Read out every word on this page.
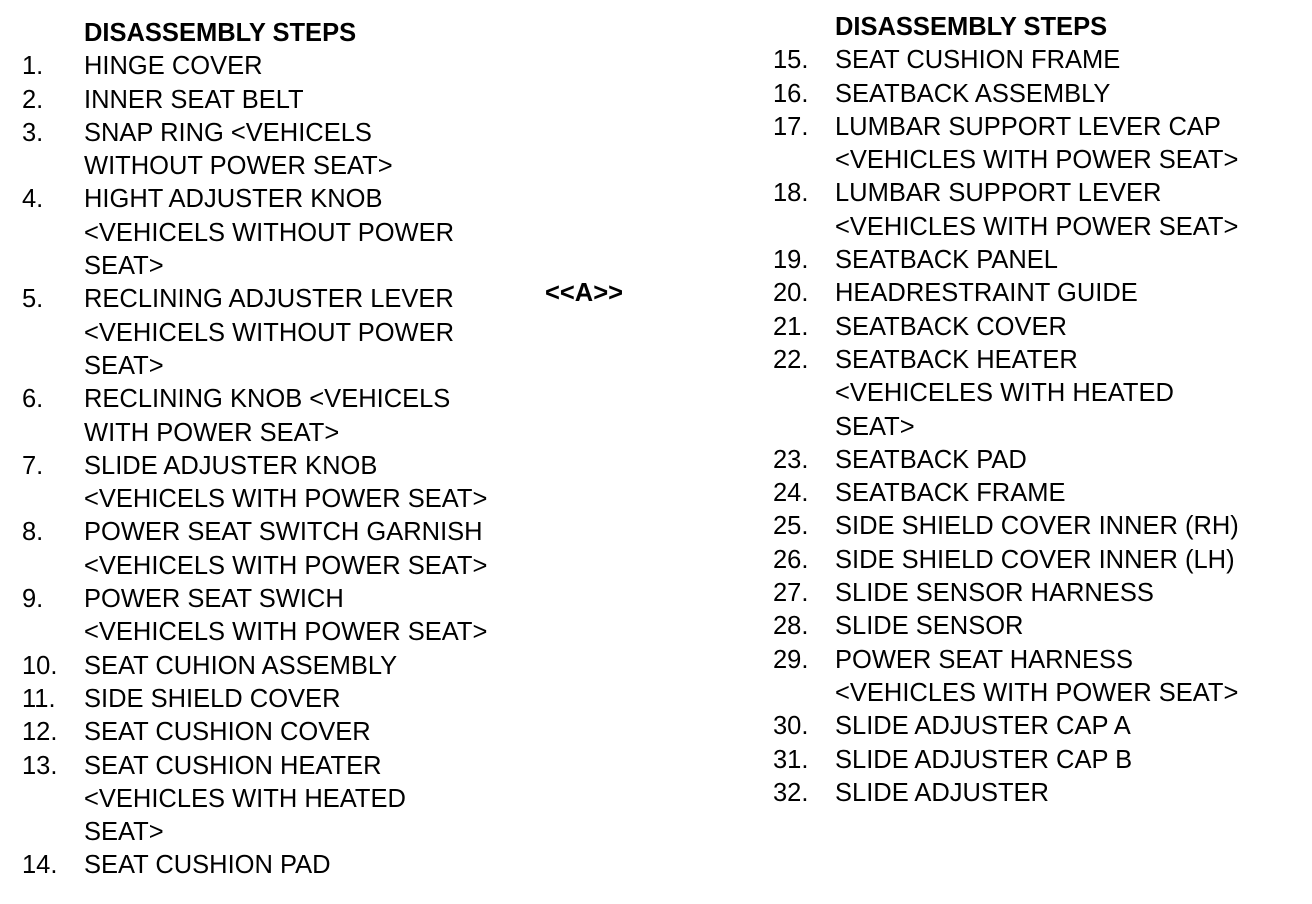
DISASSEMBLY STEPS
1.	HINGE COVER
2.	INNER SEAT BELT
3.	SNAP RING <VEHICELS
WITHOUT POWER SEAT>
4.	HIGHT ADJUSTER KNOB
<VEHICELS WITHOUT POWER
SEAT>
5.	RECLINING ADJUSTER LEVER
<VEHICELS WITHOUT POWER
SEAT>
6.	RECLINING KNOB <VEHICELS
WITH POWER SEAT>
7.	SLIDE ADJUSTER KNOB
<VEHICELS WITH POWER SEAT>
8.	POWER SEAT SWITCH GARNISH
<VEHICELS WITH POWER SEAT>
9.	POWER SEAT SWICH
<VEHICELS WITH POWER SEAT>
10.	SEAT CUHION ASSEMBLY
11.	SIDE SHIELD COVER
12.	SEAT CUSHION COVER
13.	SEAT CUSHION HEATER
<VEHICLES WITH HEATED
SEAT>
14.	SEAT CUSHION PAD
<<A>>
DISASSEMBLY STEPS
15.	SEAT CUSHION FRAME
16.	SEATBACK ASSEMBLY
17.	LUMBAR SUPPORT LEVER CAP
<VEHICLES WITH POWER SEAT>
18.	LUMBAR SUPPORT LEVER
<VEHICLES WITH POWER SEAT>
19.	SEATBACK PANEL
20.	HEADRESTRAINT GUIDE
21.	SEATBACK COVER
22.	SEATBACK HEATER
<VEHICELES WITH HEATED
SEAT>
23.	SEATBACK PAD
24.	SEATBACK FRAME
25.	SIDE SHIELD COVER INNER (RH)
26.	SIDE SHIELD COVER INNER (LH)
27.	SLIDE SENSOR HARNESS
28.	SLIDE SENSOR
29.	POWER SEAT HARNESS
<VEHICLES WITH POWER SEAT>
30.	SLIDE ADJUSTER CAP A
31.	SLIDE ADJUSTER CAP B
32.	SLIDE ADJUSTER
